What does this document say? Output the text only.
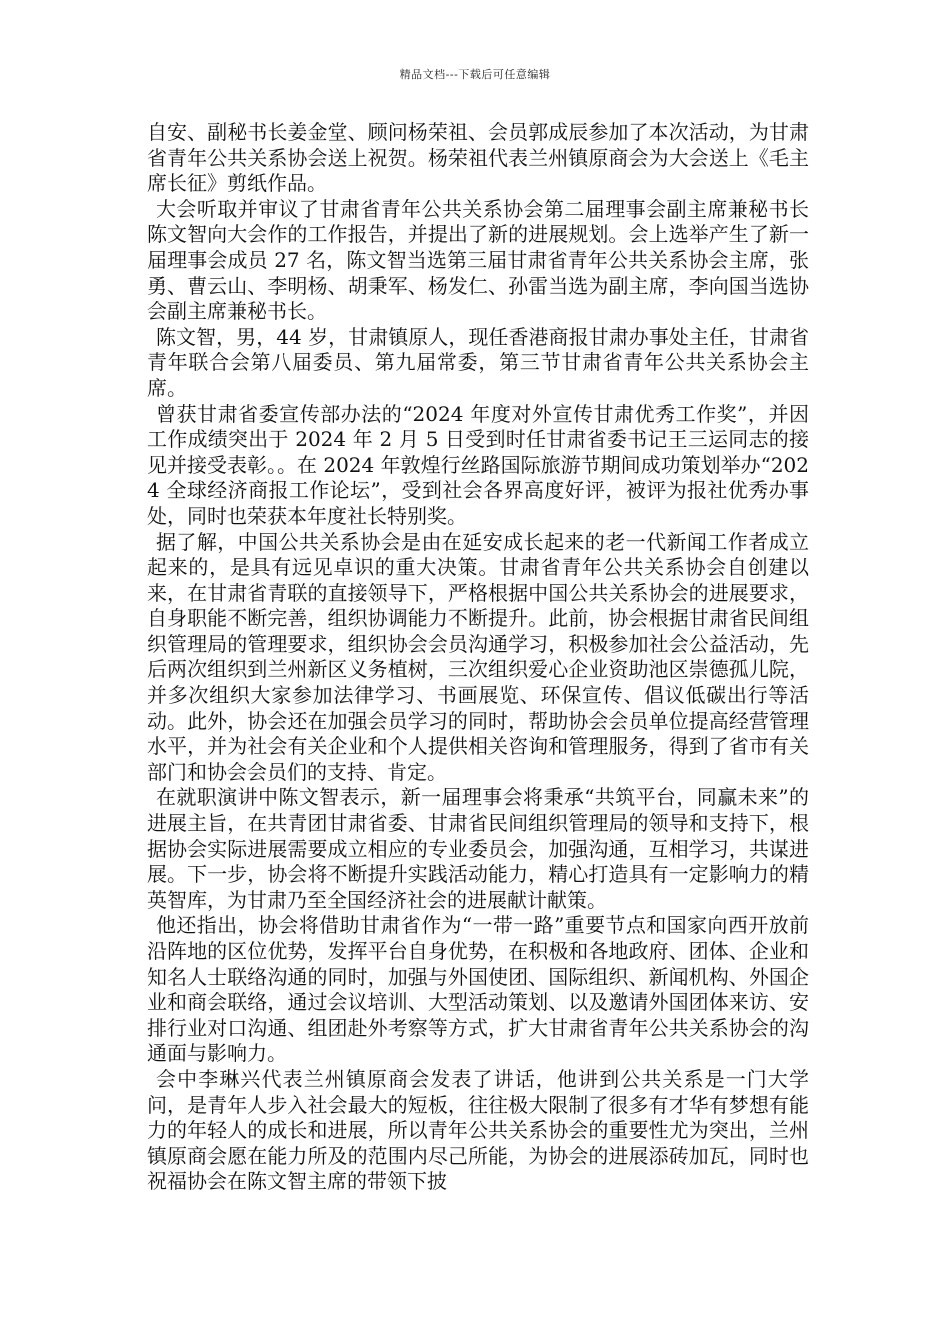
精品文档---下载后可任意编辑

自安、副秘书长姜金堂、顾问杨荣祖、会员郭成辰参加了本次活动，为甘肃省青年公共关系协会送上祝贺。杨荣祖代表兰州镇原商会为大会送上《毛主席长征》剪纸作品。

大会听取并审议了甘肃省青年公共关系协会第二届理事会副主席兼秘书长陈文智向大会作的工作报告，并提出了新的进展规划。会上选举产生了新一届理事会成员 27 名，陈文智当选第三届甘肃省青年公共关系协会主席，张勇、曹云山、李明杨、胡秉军、杨发仁、孙雷当选为副主席，李向国当选协会副主席兼秘书长。

陈文智，男，44 岁，甘肃镇原人，现任香港商报甘肃办事处主任，甘肃省青年联合会第八届委员、第九届常委，第三节甘肃省青年公共关系协会主席。

曾获甘肃省委宣传部办法的“2024 年度对外宣传甘肃优秀工作奖”，并因工作成绩突出于 2024 年 2 月 5 日受到时任甘肃省委书记王三运同志的接见并接受表彰。。在 2024 年敦煌行丝路国际旅游节期间成功策划举办“2024 全球经济商报工作论坛”，受到社会各界高度好评，被评为报社优秀办事处，同时也荣获本年度社长特别奖。

据了解，中国公共关系协会是由在延安成长起来的老一代新闻工作者成立起来的，是具有远见卓识的重大决策。甘肃省青年公共关系协会自创建以来，在甘肃省青联的直接领导下，严格根据中国公共关系协会的进展要求，自身职能不断完善，组织协调能力不断提升。此前，协会根据甘肃省民间组织管理局的管理要求，组织协会会员沟通学习，积极参加社会公益活动，先后两次组织到兰州新区义务植树，三次组织爱心企业资助池区崇德孤儿院，并多次组织大家参加法律学习、书画展览、环保宣传、倡议低碳出行等活动。此外，协会还在加强会员学习的同时，帮助协会会员单位提高经营管理水平，并为社会有关企业和个人提供相关咨询和管理服务，得到了省市有关部门和协会会员们的支持、肯定。

在就职演讲中陈文智表示，新一届理事会将秉承“共筑平台，同赢未来”的进展主旨，在共青团甘肃省委、甘肃省民间组织管理局的领导和支持下，根据协会实际进展需要成立相应的专业委员会，加强沟通，互相学习，共谋进展。下一步，协会将不断提升实践活动能力，精心打造具有一定影响力的精英智库，为甘肃乃至全国经济社会的进展献计献策。

他还指出，协会将借助甘肃省作为“一带一路”重要节点和国家向西开放前沿阵地的区位优势，发挥平台自身优势，在积极和各地政府、团体、企业和知名人士联络沟通的同时，加强与外国使团、国际组织、新闻机构、外国企业和商会联络，通过会议培训、大型活动策划、以及邀请外国团体来访、安排行业对口沟通、组团赴外考察等方式，扩大甘肃省青年公共关系协会的沟通面与影响力。

会中李琳兴代表兰州镇原商会发表了讲话，他讲到公共关系是一门大学问，是青年人步入社会最大的短板，往往极大限制了很多有才华有梦想有能力的年轻人的成长和进展，所以青年公共关系协会的重要性尤为突出，兰州镇原商会愿在能力所及的范围内尽己所能，为协会的进展添砖加瓦，同时也祝福协会在陈文智主席的带领下披
